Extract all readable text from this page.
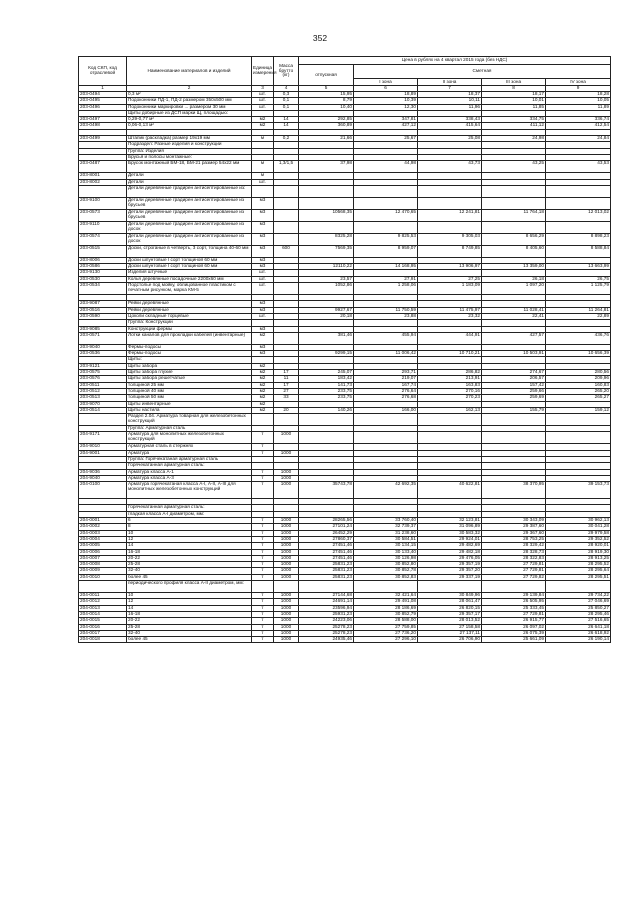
352
Код СКП, код отраслевой	Наименование материалов и изделий	Единица измерения	Масса брутто (кг)	Цена в рублях на 4 квартал 2015 года (без НДС)				
				отпускная	Сметная			
					I зона	II зона	III зона	IV зона
1	2	3	4	5	6	7	8	9
203-0494	0,3 м²	шт.	0,3	15,95	18,89	18,37	18,17	18,28
203-0495	Подоконники ПД-1, ПД-2 размером 350х500 мм	шт.	0,1	8,79	10,39	10,11	10,01	10,05
203-0496	Подоконники маркировки ... размером 30 мм	шт.	0,1	10,40	12,30	11,96	11,85	11,89
	Щиты добирные из ДСП марки Щ, площадью:							
203-0497	0,29-0,77 м²	м2	14	292,85	347,81	338,43	334,75	336,74
203-0498	0,06-0,13 м²	м2	14	360,89	427,12	415,64	411,12	412,54

203-0499	Штапик (раскладка) размер 19х19 мм	м	0,2	21,66	25,67	25,08	24,98	24,84
	Подраздел: Разные изделия и конструкции							
	Группа: Изделия							
	Брусья и полосы монтажные:							
203-0487	Брусок монтажный БМ-18, БМ-21 размер 54х22 мм	м	1,3/1,5	37,98	44,98	43,73	43,25	43,53
203-8001	Детали	м						
203-8002	Детали	шт.						
	Детали деревянные градирен антисептированные из:							
203-9100	Детали деревянные градирен антисептированные из брусьев	м3						
203-0573	Детали деревянные градирен антисептированные из брусьев	м3		10568,35	12 470,65	12 241,81	11 764,18	12 013,02
203-9110	Детали деревянные градирен антисептированные из досок	м3						
203-0574	Детали деревянные градирен антисептированные из досок	м3		8325,28	9 825,53	9 305,03	8 656,29	8 898,23
203-0515	Доски, строганые в четверть, 3 сорт, толщина 40-60 мм	м3	600	7569,35	8 959,07	8 749,85	8 405,60	8 588,84
203-8006	Доски шпунтовые I сорт толщиной 60 мм	м3						
203-0586	Доски шпунтовые I сорт толщиной 60 мм	м3		12110,22	14 168,95	13 906,97	13 359,00	13 663,99
203-9130	Изделия штучные	шт.						
203-0530	Колья деревянные посадочные 2200х60 мм	шт.		23,57	27,91	27,25	26,18	26,75
203-0534	Подстолье под мойку, облицованное пластиком с печатным рисунком, марка КМ-5	шт.		1052,86	1 258,06	1 183,09	1 097,20	1 125,79

203-9087	Рейки деревянные	м3						
203-0516	Рейки деревянные	м3		9927,67	11 750,59	11 475,97	11 028,41	11 264,81
203-0590	Цоколи складные торцевые	шт.		20,18	23,88	23,32	22,41	22,89
	Группа: Конструкции							
203-9085	Конструкции фермы	м3						
203-0571	Лотки каналов для прокладки кабелей (инвентарные)	м2		381,46	455,94	444,91	427,57	436,76
203-9040	Фермы-подосы	м3						
203-0536	Фермы-подосы	м3		9299,15	11 006,42	10 710,21	10 503,91	10 656,39
	Щиты:							
203-9121	Щиты забора	м2						
203-0575	Щиты забора глухие	м2	17	245,07	293,71	286,82	274,67	280,56
203-0576	Щиты забора решетчатые	м2	11	183,42	219,07	213,91	206,57	209,96
203-0511	толщиной 25 мм	м2	17	141,73	167,74	163,83	157,42	160,83
203-0512	толщиной 40 мм	м2	27	233,75	276,64	270,16	259,66	265,20
203-0513	толщиной 50 мм	м2	33	233,75	276,68	270,23	259,69	265,27
203-9070	Щиты инвентарные	м2						
203-0514	Щиты настила	м2	20	140,26	166,00	162,13	155,79	159,12
	Раздел 2.04. Арматура товарная для железобетонных конструкций							
	Группа: Арматурная сталь							
204-9171	Арматура для монолитных железобетонных конструкций	т	1000					
204-9010	Арматурная сталь в стержнях	т						
204-9001	Арматура	т	1000					
	Группа: Горячекатаная арматурная сталь							
	Горячекатанная арматурная сталь:							
204-9036	Арматура класса А-1	т	1000					
204-9040	Арматура класса А-3	т	1000					
204-0100	Арматура горячекатаная класса А-I, А-II, А-III для монолитных железобетонных конструкций	т	1000	35743,78	42 692,35	40 622,81	38 370,95	39 153,73

	Горячекатанная арматурная сталь:							
	гладкая класса А-I диаметром, мм:							
204-0001	6	т	1000	28265,56	33 760,40	32 123,81	30 343,09	30 962,13
204-0002	8	т	1000	27101,24	32 739,37	31 096,89	29 387,60	30 041,28
204-0003	10	т	1000	26452,29	31 238,60	30 583,32	29 367,60	29 979,58
204-0004	12	т	1000	27860,37	30 584,51	29 924,01	28 753,25	29 352,52
204-0005	14	т	1000	27451,46	30 134,15	29 482,69	28 329,42	28 920,01
204-0006	16-18	т	1000	27451,46	30 133,40	29 482,18	28 328,73	28 919,30
204-0007	20-22	т	1000	27451,46	30 126,98	29 476,05	28 322,83	28 913,25
204-0008	25-28	т	1000	25831,23	30 852,80	29 357,19	27 729,81	28 295,52
204-0009	32-40	т	1000	25831,23	30 852,78	29 357,20	27 729,81	28 295,64
204-0010	более 45	т	1000	25831,23	30 852,83	29 337,19	27 729,82	28 295,51
	периодического профиля класса А-II диаметром, мм:							
204-0011	10	т	1000	27144,68	32 421,64	30 849,96	29 139,84	29 734,22
204-0012	12	т	1000	24691,14	29 491,08	28 061,47	26 505,95	27 046,69
204-0013	14	т	1000	23596,94	28 186,69	26 820,15	25 333,45	25 850,27
204-0014	16-18	т	1000	25931,23	30 852,79	29 357,17	27 729,81	28 295,46
204-0015	20-22	т	1000	24223,06	28 588,00	28 013,52	26 915,77	27 516,65
204-0016	25-28	т	1000	25278,23	27 759,85	27 158,58	26 097,02	26 641,18
204-0017	32-40	т	1000	25278,23	27 736,20	27 137,11	26 075,39	26 618,92
204-0018	более 45	т	1000	24935,46	27 296,10	26 706,90	25 661,09	26 190,14
